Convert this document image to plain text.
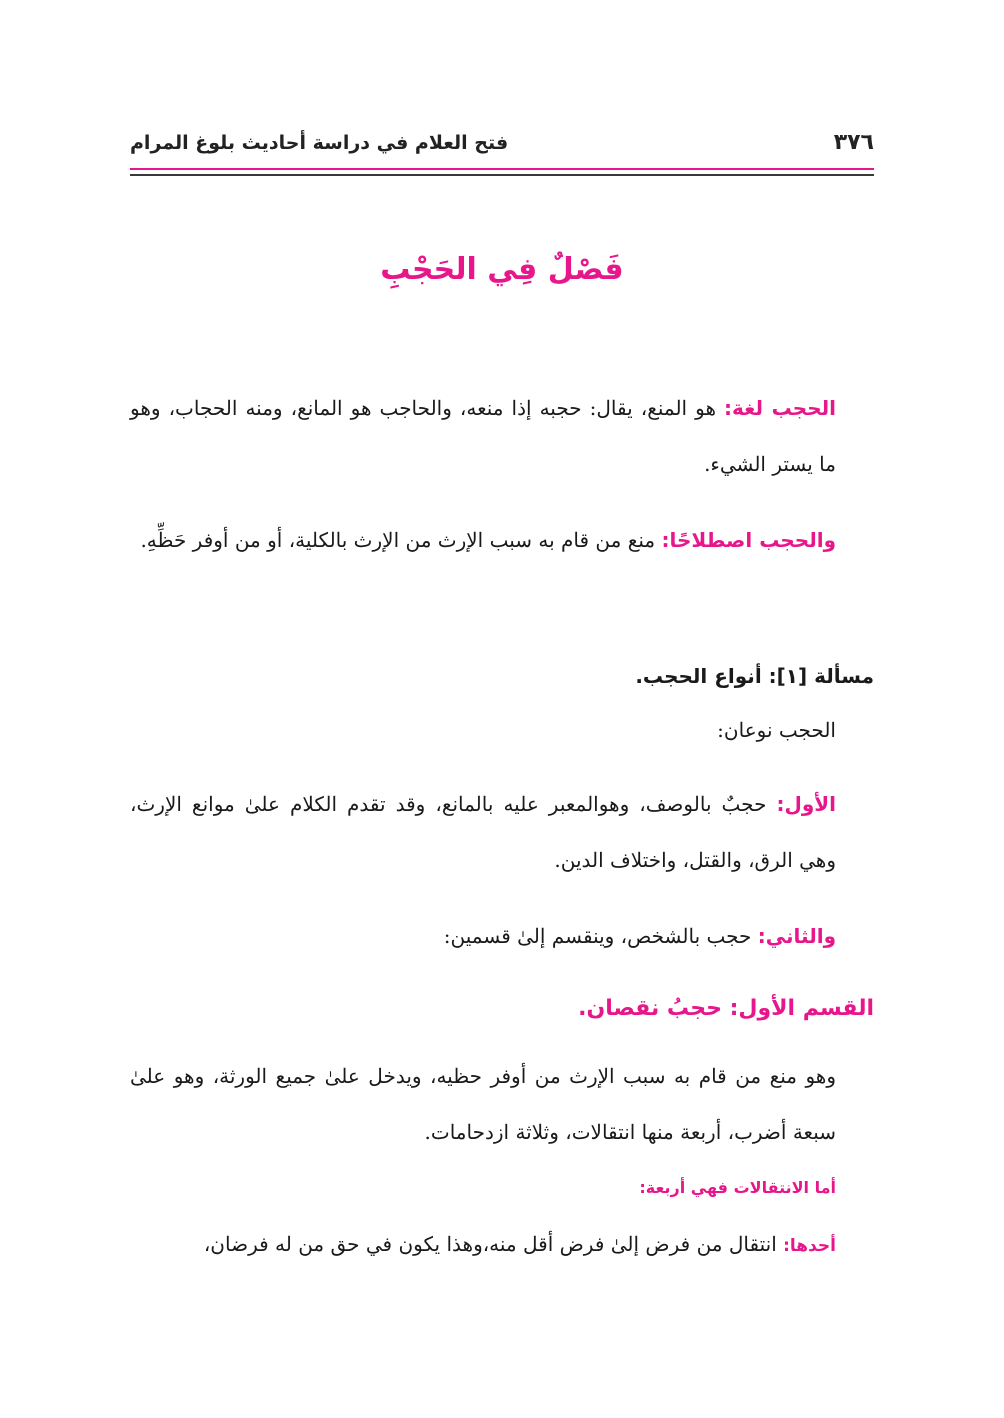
٣٧٦
فتح العلام في دراسة أحاديث بلوغ المرام
فَصْلٌ فِي الحَجْبِ
الحجب لغة: هو المنع، يقال: حجبه إذا منعه، والحاجب هو المانع، ومنه الحجاب، وهو ما يستر الشيء.
والحجب اصطلاحًا: منع من قام به سبب الإرث من الإرث بالكلية، أو من أوفر حَظِّهِ.
مسألة [١]: أنواع الحجب.
الحجب نوعان:
الأول: حجبٌ بالوصف، وهوالمعبر عليه بالمانع، وقد تقدم الكلام علىٰ موانع الإرث، وهي الرق، والقتل، واختلاف الدين.
والثاني: حجب بالشخص، وينقسم إلىٰ قسمين:
القسم الأول: حجبُ نقصان.
وهو منع من قام به سبب الإرث من أوفر حظيه، ويدخل علىٰ جميع الورثة، وهو علىٰ سبعة أضرب، أربعة منها انتقالات، وثلاثة ازدحامات.
أما الانتقالات فهي أربعة:
أحدها: انتقال من فرض إلىٰ فرض أقل منه،وهذا يكون في حق من له فرضان،
